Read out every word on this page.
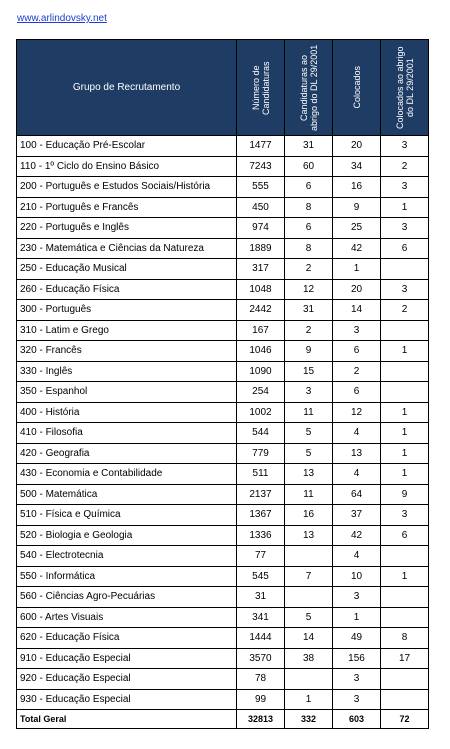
www.arlindovsky.net
Grupo de Recrutamento	Número de Candidaturas	Candidaturas ao abrigo do DL 29/2001	Colocados	Colocados ao abrigo do DL 29/2001

100 - Educação Pré-Escolar	1477	31	20	3
110 - 1º Ciclo do Ensino Básico	7243	60	34	2
200 - Português e Estudos Sociais/História	555	6	16	3
210 - Português e Francês	450	8	9	1
220 - Português e Inglês	974	6	25	3
230 - Matemática e Ciências da Natureza	1889	8	42	6
250 - Educação Musical	317	2	1	
260 - Educação Física	1048	12	20	3
300 - Português	2442	31	14	2
310 - Latim e Grego	167	2	3	
320 - Francês	1046	9	6	1
330 - Inglês	1090	15	2	
350 - Espanhol	254	3	6	
400 - História	1002	11	12	1
410 - Filosofia	544	5	4	1
420 - Geografia	779	5	13	1
430 - Economia e Contabilidade	511	13	4	1
500 - Matemática	2137	11	64	9
510 - Física e Química	1367	16	37	3
520 - Biologia e Geologia	1336	13	42	6
540 - Electrotecnia	77		4	
550 - Informática	545	7	10	1
560 - Ciências Agro-Pecuárias	31		3	
600 - Artes Visuais	341	5	1	
620 - Educação Física	1444	14	49	8
910 - Educação Especial	3570	38	156	17
920 - Educação Especial	78		3	
930 - Educação Especial	99	1	3	
Total Geral	32813	332	603	72
